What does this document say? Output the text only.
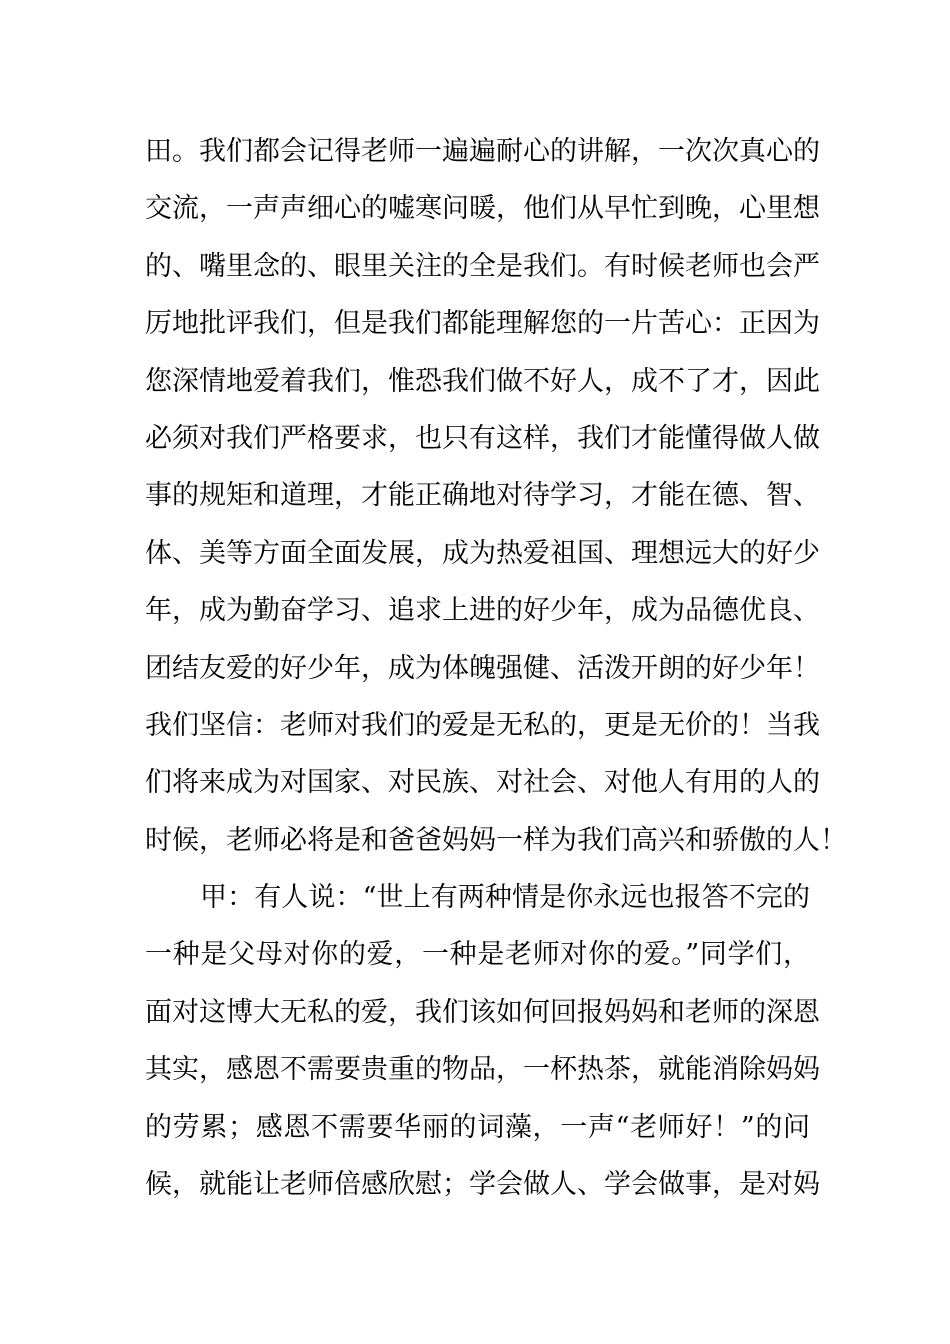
田。我们都会记得老师一遍遍耐心的讲解，一次次真心的
交流，一声声细心的嘘寒问暖，他们从早忙到晚，心里想
的、嘴里念的、眼里关注的全是我们。有时候老师也会严
厉地批评我们，但是我们都能理解您的一片苦心：正因为
您深情地爱着我们，惟恐我们做不好人，成不了才，因此
必须对我们严格要求，也只有这样，我们才能懂得做人做
事的规矩和道理，才能正确地对待学习，才能在德、智、
体、美等方面全面发展，成为热爱祖国、理想远大的好少
年，成为勤奋学习、追求上进的好少年，成为品德优良、
团结友爱的好少年，成为体魄强健、活泼开朗的好少年！
我们坚信：老师对我们的爱是无私的，更是无价的！当我
们将来成为对国家、对民族、对社会、对他人有用的人的
时候，老师必将是和爸爸妈妈一样为我们高兴和骄傲的人！
甲：有人说：“世上有两种情是你永远也报答不完的
一种是父母对你的爱，一种是老师对你的爱。”同学们，
面对这博大无私的爱，我们该如何回报妈妈和老师的深恩
其实，感恩不需要贵重的物品，一杯热茶，就能消除妈妈
的劳累；感恩不需要华丽的词藻，一声“老师好！”的问
候，就能让老师倍感欣慰；学会做人、学会做事，是对妈
